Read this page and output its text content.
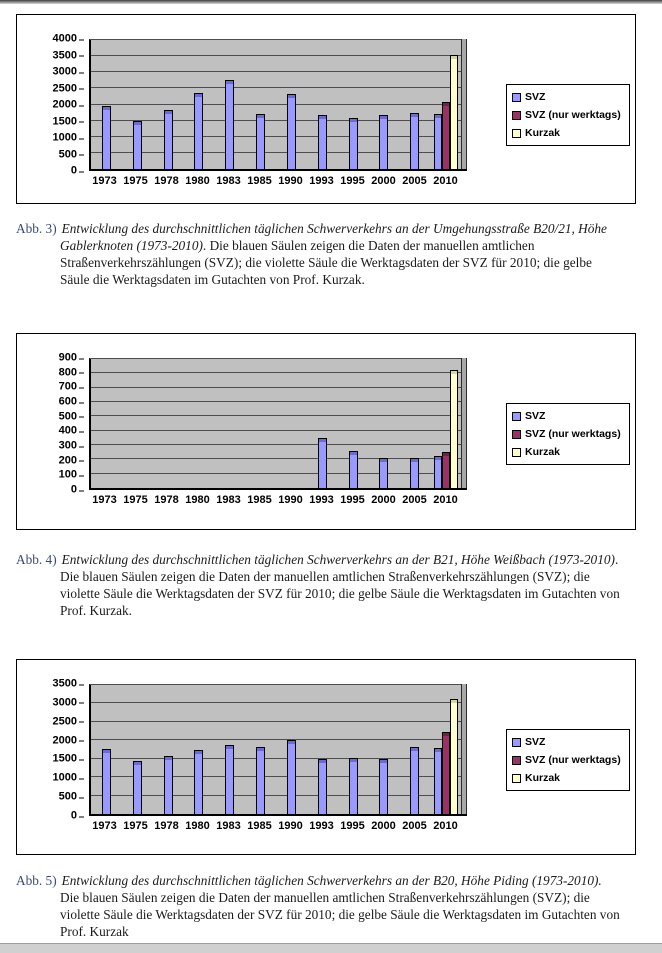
0
500
1000
1500
2000
2500
3000
3500
4000
1973 1975 1978 1980 1983 1985 1990 1993 1995 2000 2005 2010
SVZ
SVZ (nur werktags)
Kurzak

Abb. 3) Entwicklung des durchschnittlichen täglichen Schwerverkehrs an der Umgehungsstraße B20/21, Höhe Gablerknoten (1973-2010). Die blauen Säulen zeigen die Daten der manuellen amtlichen Straßenverkehrszählungen (SVZ); die violette Säule die Werktagsdaten der SVZ für 2010; die gelbe Säule die Werktagsdaten im Gutachten von Prof. Kurzak.

0
100
200
300
400
500
600
700
800
900
1973 1975 1978 1980 1983 1985 1990 1993 1995 2000 2005 2010
SVZ
SVZ (nur werktags)
Kurzak

Abb. 4) Entwicklung des durchschnittlichen täglichen Schwerverkehrs an der B21, Höhe Weißbach (1973-2010). Die blauen Säulen zeigen die Daten der manuellen amtlichen Straßenverkehrszählungen (SVZ); die violette Säule die Werktagsdaten der SVZ für 2010; die gelbe Säule die Werktagsdaten im Gutachten von Prof. Kurzak.

0
500
1000
1500
2000
2500
3000
3500
1973 1975 1978 1980 1983 1985 1990 1993 1995 2000 2005 2010
SVZ
SVZ (nur werktags)
Kurzak

Abb. 5) Entwicklung des durchschnittlichen täglichen Schwerverkehrs an der B20, Höhe Piding (1973-2010). Die blauen Säulen zeigen die Daten der manuellen amtlichen Straßenverkehrszählungen (SVZ); die violette Säule die Werktagsdaten der SVZ für 2010; die gelbe Säule die Werktagsdaten im Gutachten von Prof. Kurzak
